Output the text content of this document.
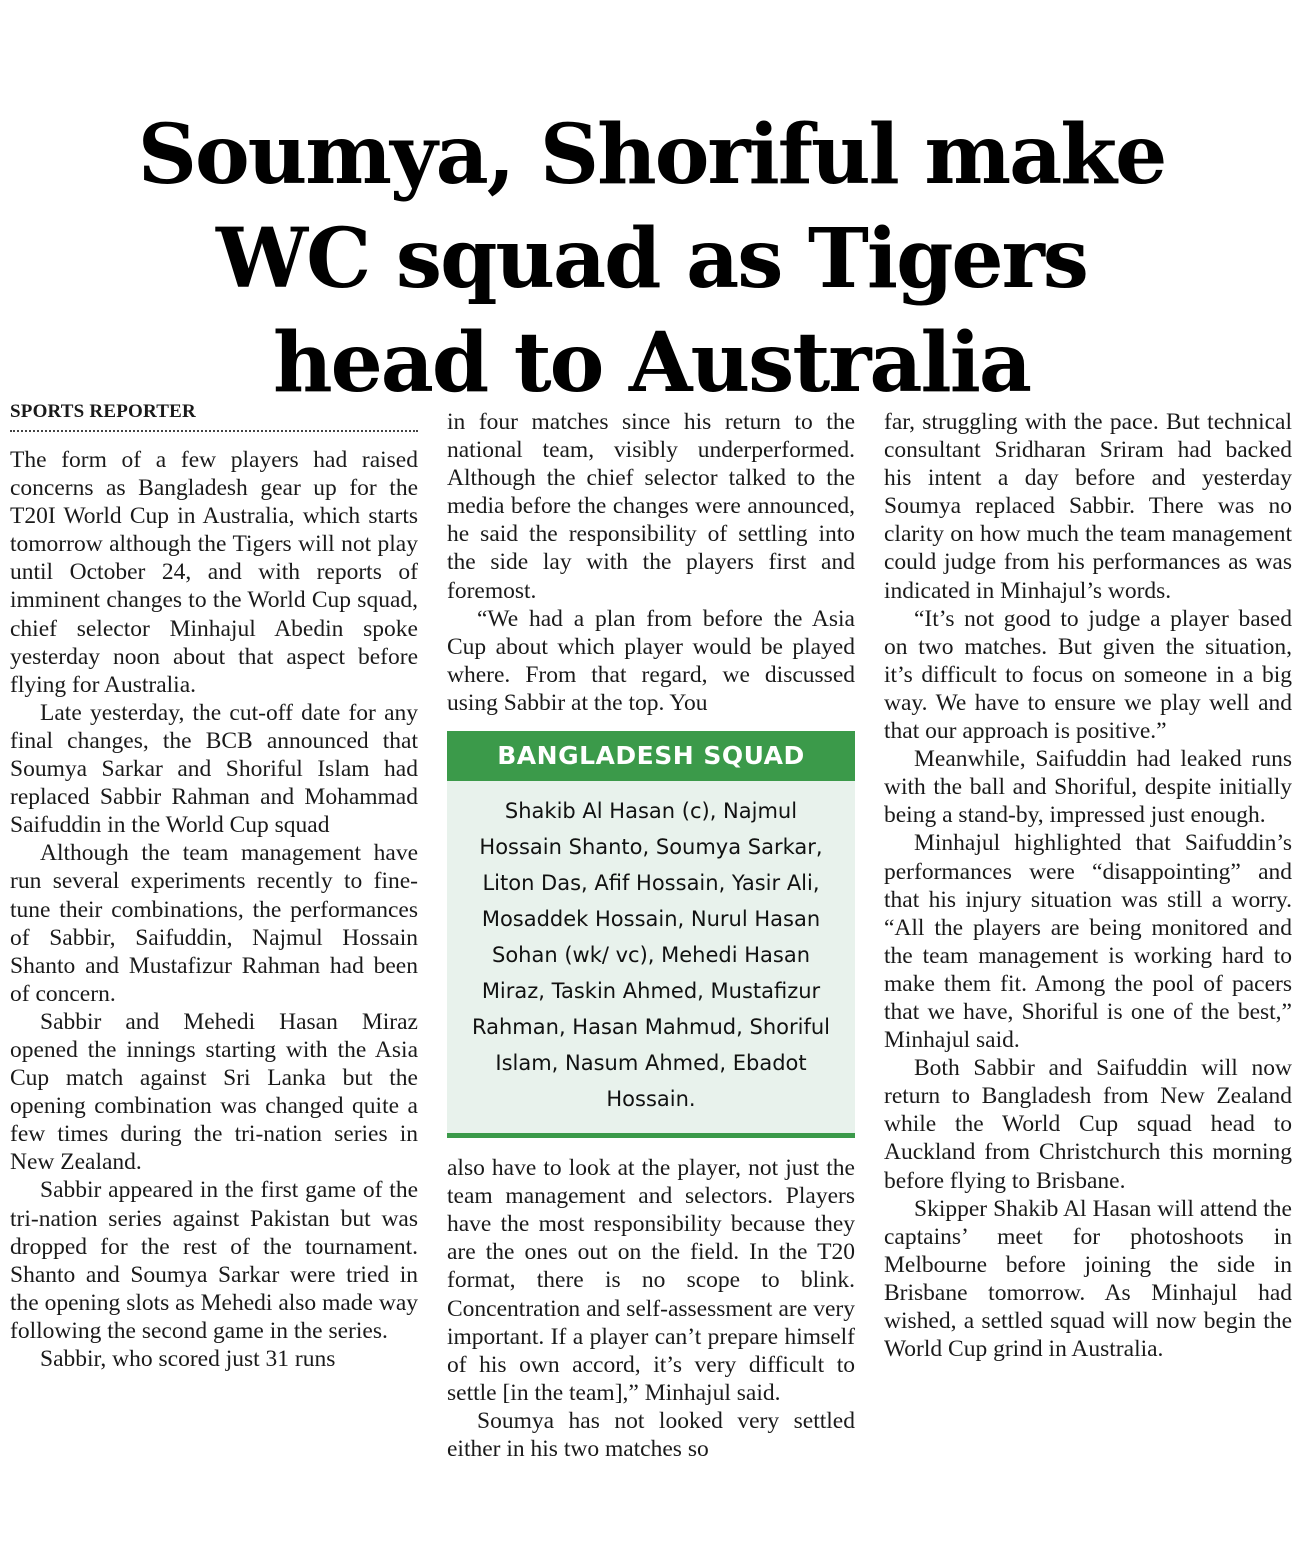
Soumya, Shoriful make
WC squad as Tigers
head to Australia
SPORTS REPORTER

The form of a few players had raised concerns as Bangladesh gear up for the T20I World Cup in Australia, which starts tomorrow although the Tigers will not play until October 24, and with reports of imminent changes to the World Cup squad, chief selector Minhajul Abedin spoke yesterday noon about that aspect before flying for Australia.

Late yesterday, the cut-off date for any final changes, the BCB announced that Soumya Sarkar and Shoriful Islam had replaced Sabbir Rahman and Mohammad Saifuddin in the World Cup squad

Although the team management have run several experiments recently to fine-tune their combinations, the performances of Sabbir, Saifuddin, Najmul Hossain Shanto and Mustafizur Rahman had been of concern.

Sabbir and Mehedi Hasan Miraz opened the innings starting with the Asia Cup match against Sri Lanka but the opening combination was changed quite a few times during the tri-nation series in New Zealand.

Sabbir appeared in the first game of the tri-nation series against Pakistan but was dropped for the rest of the tournament. Shanto and Soumya Sarkar were tried in the opening slots as Mehedi also made way following the second game in the series.

Sabbir, who scored just 31 runs

in four matches since his return to the national team, visibly underperformed. Although the chief selector talked to the media before the changes were announced, he said the responsibility of settling into the side lay with the players first and foremost.

“We had a plan from before the Asia Cup about which player would be played where. From that regard, we discussed using Sabbir at the top. You

BANGLADESH SQUAD
Shakib Al Hasan (c), Najmul Hossain Shanto, Soumya Sarkar, Liton Das, Afif Hossain, Yasir Ali, Mosaddek Hossain, Nurul Hasan Sohan (wk/ vc), Mehedi Hasan Miraz, Taskin Ahmed, Mustafizur Rahman, Hasan Mahmud, Shoriful Islam, Nasum Ahmed, Ebadot Hossain.

also have to look at the player, not just the team management and selectors. Players have the most responsibility because they are the ones out on the field. In the T20 format, there is no scope to blink. Concentration and self-assessment are very important. If a player can’t prepare himself of his own accord, it’s very difficult to settle [in the team],” Minhajul said.

Soumya has not looked very settled either in his two matches so

far, struggling with the pace. But technical consultant Sridharan Sriram had backed his intent a day before and yesterday Soumya replaced Sabbir. There was no clarity on how much the team management could judge from his performances as was indicated in Minhajul’s words.

“It’s not good to judge a player based on two matches. But given the situation, it’s difficult to focus on someone in a big way. We have to ensure we play well and that our approach is positive.”

Meanwhile, Saifuddin had leaked runs with the ball and Shoriful, despite initially being a stand-by, impressed just enough.

Minhajul highlighted that Saifuddin’s performances were “disappointing” and that his injury situation was still a worry. “All the players are being monitored and the team management is working hard to make them fit. Among the pool of pacers that we have, Shoriful is one of the best,” Minhajul said.

Both Sabbir and Saifuddin will now return to Bangladesh from New Zealand while the World Cup squad head to Auckland from Christchurch this morning before flying to Brisbane.

Skipper Shakib Al Hasan will attend the captains’ meet for photoshoots in Melbourne before joining the side in Brisbane tomorrow. As Minhajul had wished, a settled squad will now begin the World Cup grind in Australia.
